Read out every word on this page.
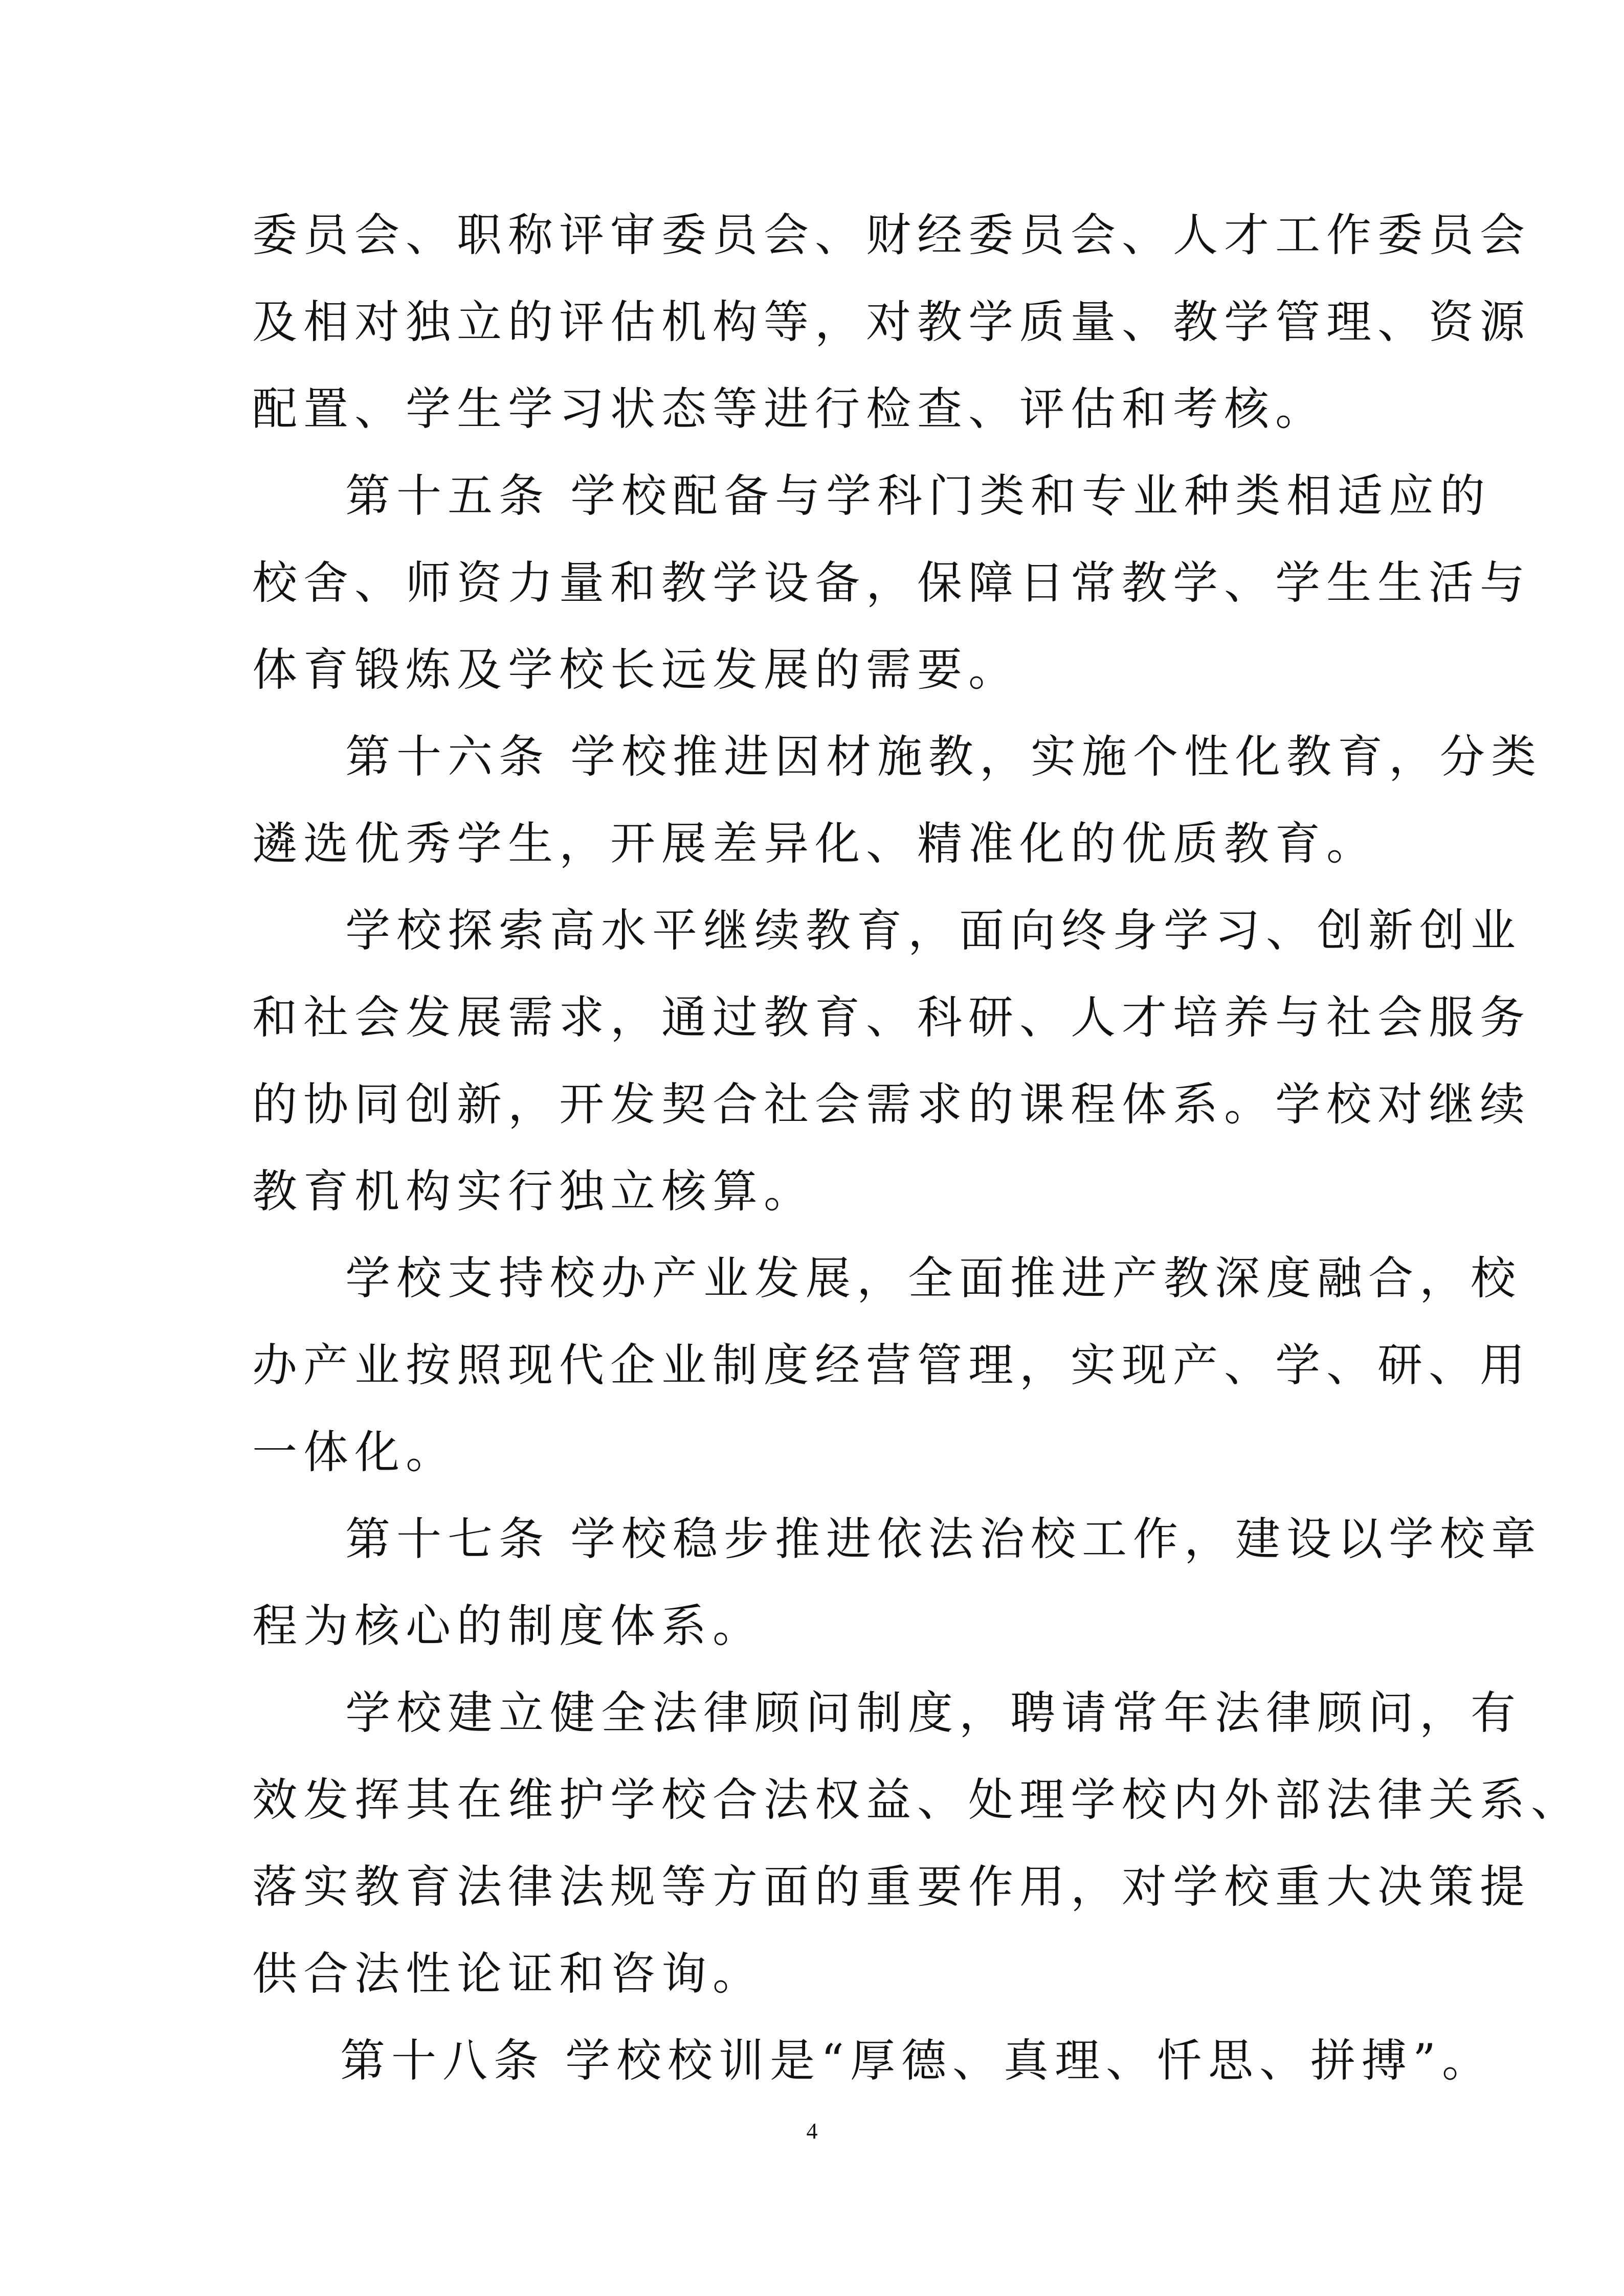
委员会、职称评审委员会、财经委员会、人才工作委员会
及相对独立的评估机构等，对教学质量、教学管理、资源
配置、学生学习状态等进行检查、评估和考核。
第十五条 学校配备与学科门类和专业种类相适应的
校舍、师资力量和教学设备，保障日常教学、学生生活与
体育锻炼及学校长远发展的需要。
第十六条 学校推进因材施教，实施个性化教育，分类
遴选优秀学生，开展差异化、精准化的优质教育。
学校探索高水平继续教育，面向终身学习、创新创业
和社会发展需求，通过教育、科研、人才培养与社会服务
的协同创新，开发契合社会需求的课程体系。学校对继续
教育机构实行独立核算。
学校支持校办产业发展，全面推进产教深度融合，校
办产业按照现代企业制度经营管理，实现产、学、研、用
一体化。
第十七条 学校稳步推进依法治校工作，建设以学校章
程为核心的制度体系。
学校建立健全法律顾问制度，聘请常年法律顾问，有
效发挥其在维护学校合法权益、处理学校内外部法律关系、
落实教育法律法规等方面的重要作用，对学校重大决策提
供合法性论证和咨询。
第十八条 学校校训是“厚德、真理、忏思、拼搏”。
4
